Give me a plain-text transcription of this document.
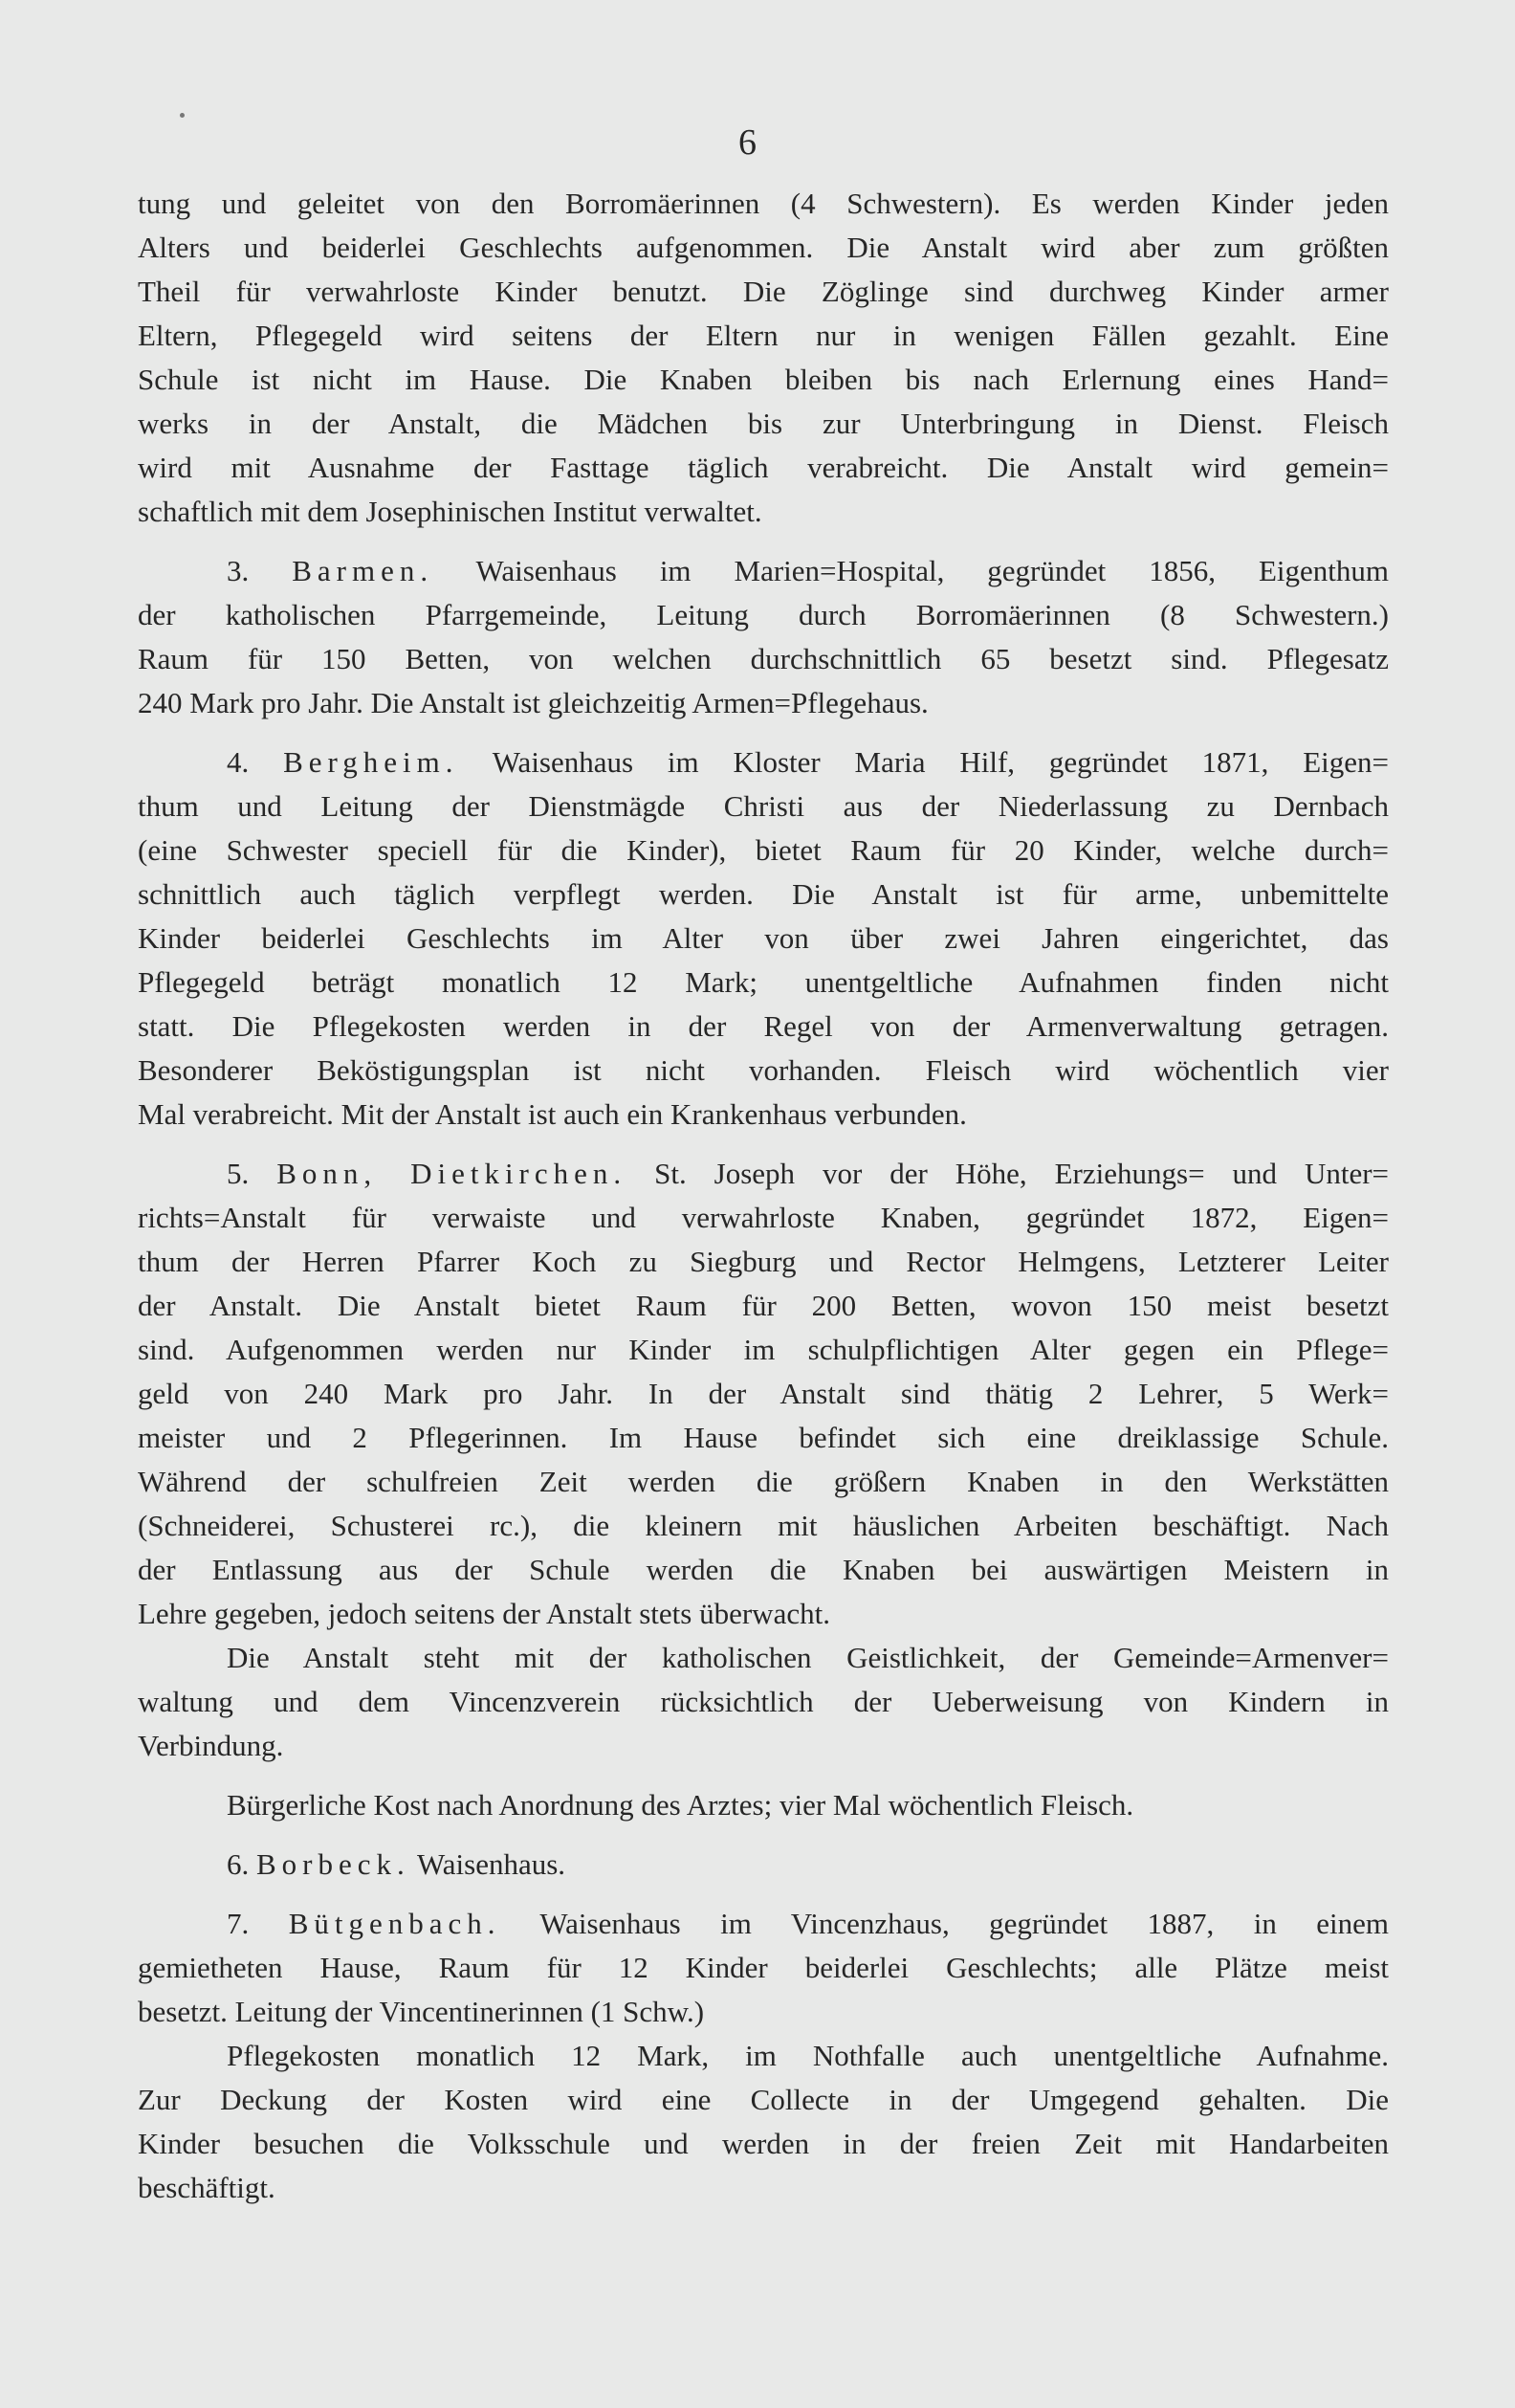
6
tung und geleitet von den Borromäerinnen (4 Schwestern). Es werden Kinder jeden
Alters und beiderlei Geschlechts aufgenommen. Die Anstalt wird aber zum größten
Theil für verwahrloste Kinder benutzt. Die Zöglinge sind durchweg Kinder armer
Eltern, Pflegegeld wird seitens der Eltern nur in wenigen Fällen gezahlt. Eine
Schule ist nicht im Hause. Die Knaben bleiben bis nach Erlernung eines Hand=
werks in der Anstalt, die Mädchen bis zur Unterbringung in Dienst. Fleisch
wird mit Ausnahme der Fasttage täglich verabreicht. Die Anstalt wird gemein=
schaftlich mit dem Josephinischen Institut verwaltet.
3. Barmen. Waisenhaus im Marien=Hospital, gegründet 1856, Eigenthum
der katholischen Pfarrgemeinde, Leitung durch Borromäerinnen (8 Schwestern.)
Raum für 150 Betten, von welchen durchschnittlich 65 besetzt sind. Pflegesatz
240 Mark pro Jahr. Die Anstalt ist gleichzeitig Armen=Pflegehaus.
4. Bergheim. Waisenhaus im Kloster Maria Hilf, gegründet 1871, Eigen=
thum und Leitung der Dienstmägde Christi aus der Niederlassung zu Dernbach
(eine Schwester speciell für die Kinder), bietet Raum für 20 Kinder, welche durch=
schnittlich auch täglich verpflegt werden. Die Anstalt ist für arme, unbemittelte
Kinder beiderlei Geschlechts im Alter von über zwei Jahren eingerichtet, das
Pflegegeld beträgt monatlich 12 Mark; unentgeltliche Aufnahmen finden nicht
statt. Die Pflegekosten werden in der Regel von der Armenverwaltung getragen.
Besonderer Beköstigungsplan ist nicht vorhanden. Fleisch wird wöchentlich vier
Mal verabreicht. Mit der Anstalt ist auch ein Krankenhaus verbunden.
5. Bonn, Dietkirchen. St. Joseph vor der Höhe, Erziehungs= und Unter=
richts=Anstalt für verwaiste und verwahrloste Knaben, gegründet 1872, Eigen=
thum der Herren Pfarrer Koch zu Siegburg und Rector Helmgens, Letzterer Leiter
der Anstalt. Die Anstalt bietet Raum für 200 Betten, wovon 150 meist besetzt
sind. Aufgenommen werden nur Kinder im schulpflichtigen Alter gegen ein Pflege=
geld von 240 Mark pro Jahr. In der Anstalt sind thätig 2 Lehrer, 5 Werk=
meister und 2 Pflegerinnen. Im Hause befindet sich eine dreiklassige Schule.
Während der schulfreien Zeit werden die größern Knaben in den Werkstätten
(Schneiderei, Schusterei rc.), die kleinern mit häuslichen Arbeiten beschäftigt. Nach
der Entlassung aus der Schule werden die Knaben bei auswärtigen Meistern in
Lehre gegeben, jedoch seitens der Anstalt stets überwacht.
Die Anstalt steht mit der katholischen Geistlichkeit, der Gemeinde=Armenver=
waltung und dem Vincenzverein rücksichtlich der Ueberweisung von Kindern in
Verbindung.
Bürgerliche Kost nach Anordnung des Arztes; vier Mal wöchentlich Fleisch.
6. Borbeck. Waisenhaus.
7. Bütgenbach. Waisenhaus im Vincenzhaus, gegründet 1887, in einem
gemietheten Hause, Raum für 12 Kinder beiderlei Geschlechts; alle Plätze meist
besetzt. Leitung der Vincentinerinnen (1 Schw.)
Pflegekosten monatlich 12 Mark, im Nothfalle auch unentgeltliche Aufnahme.
Zur Deckung der Kosten wird eine Collecte in der Umgegend gehalten. Die
Kinder besuchen die Volksschule und werden in der freien Zeit mit Handarbeiten
beschäftigt.
